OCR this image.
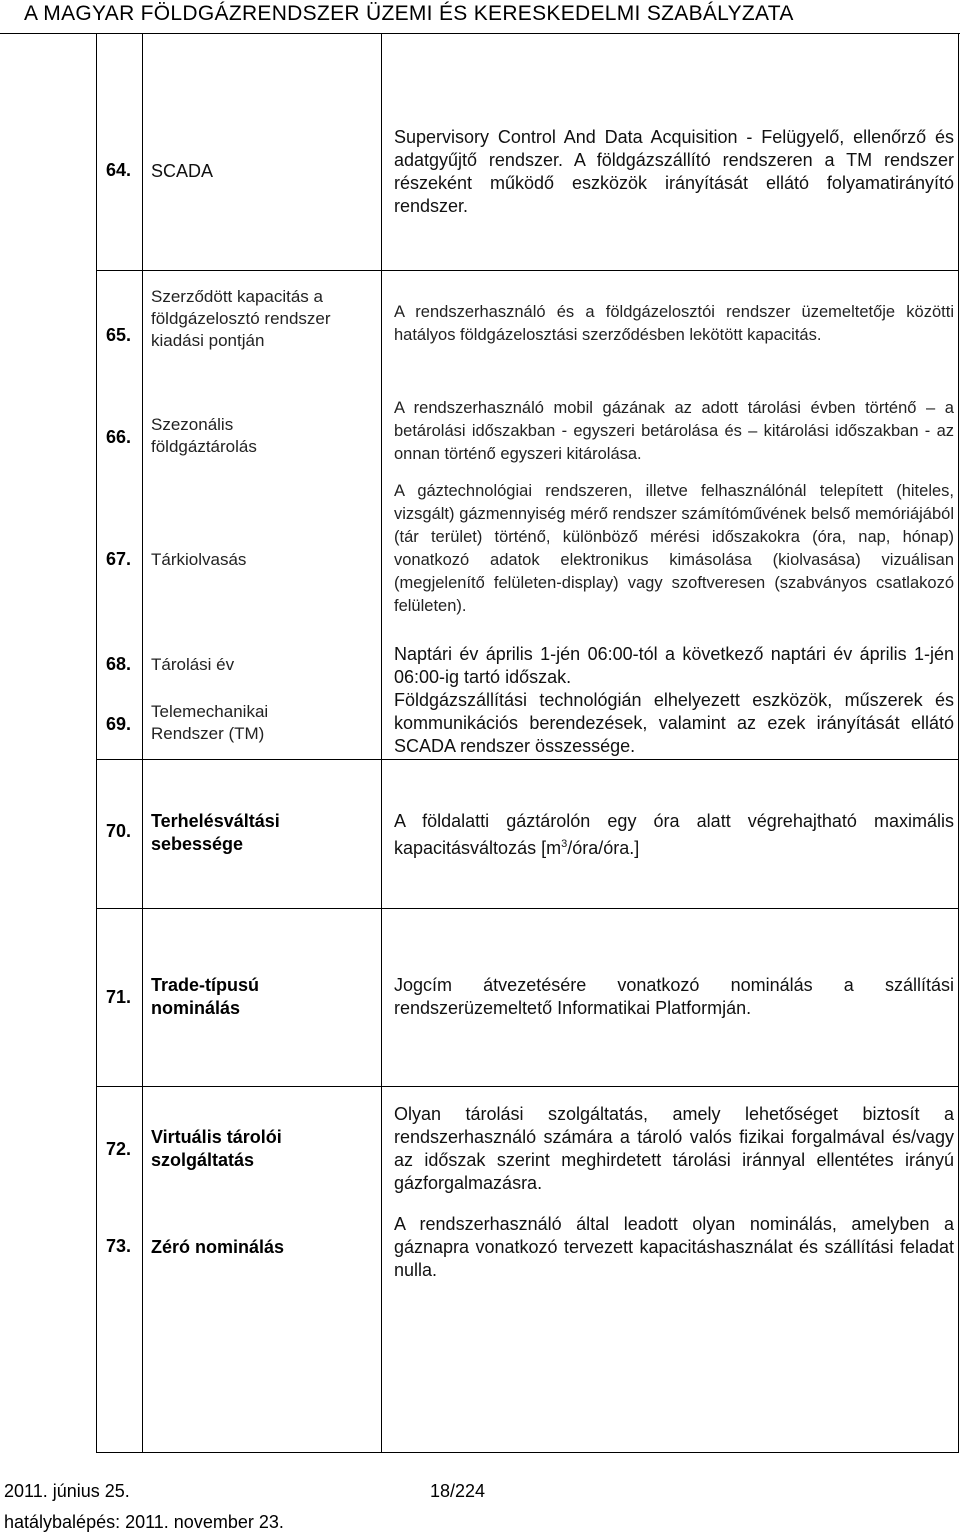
A MAGYAR FÖLDGÁZRENDSZER ÜZEMI ÉS KERESKEDELMI SZABÁLYZATA
64. SCADA
Supervisory Control And Data Acquisition - Felügyelő, ellenőrző és adatgyűjtő rendszer. A földgázszállító rendszeren a TM rendszer részeként működő eszközök irányítását ellátó folyamatirányító rendszer.
65.
Szerződött kapacitás a földgázelosztó rendszer kiadási pontján
A rendszerhasználó és a földgázelosztói rendszer üzemeltetője közötti hatályos földgázelosztási szerződésben lekötött kapacitás.
66.
Szezonális földgáztárolás
A rendszerhasználó mobil gázának az adott tárolási évben történő – a betárolási időszakban - egyszeri betárolása és – kitárolási időszakban - az onnan történő egyszeri kitárolása.
67. Tárkiolvasás
A gáztechnológiai rendszeren, illetve felhasználónál telepített (hiteles, vizsgált) gázmennyiség mérő rendszer számítóművének belső memóriájából (tár terület) történő, különböző mérési időszakokra (óra, nap, hónap) vonatkozó adatok elektronikus kimásolása (kiolvasása) vizuálisan (megjelenítő felületen-display) vagy szoftveresen (szabványos csatlakozó felületen).
68. Tárolási év
Naptári év április 1-jén 06:00-tól a következő naptári év április 1-jén 06:00-ig tartó időszak.
69.
Telemechanikai Rendszer (TM)
Földgázszállítási technológián elhelyezett eszközök, műszerek és kommunikációs berendezések, valamint az ezek irányítását ellátó SCADA rendszer összessége.
70. Terhelésváltási sebessége
A földalatti gáztárolón egy óra alatt végrehajtható maximális kapacitásváltozás $[m^3/óra/óra.]$
71.
Trade-típusú nominálás
Jogcím átvezetésére vonatkozó nominálás a szállítási rendszerüzemeltető Informatikai Platformján.
72.
Virtuális tárolói szolgáltatás
Olyan tárolási szolgáltatás, amely lehetőséget biztosít a rendszerhasználó számára a tároló valós fizikai forgalmával és/vagy az időszak szerint meghirdetett tárolási iránnyal ellentétes irányú gázforgalmazásra.
73. Zéró nominálás
A rendszerhasználó által leadott olyan nominálás, amelyben a gáznapra vonatkozó tervezett kapacitáshasználat és szállítási feladat nulla.
2011. június 25.	18/224
hatálybalépés: 2011. november 23.
